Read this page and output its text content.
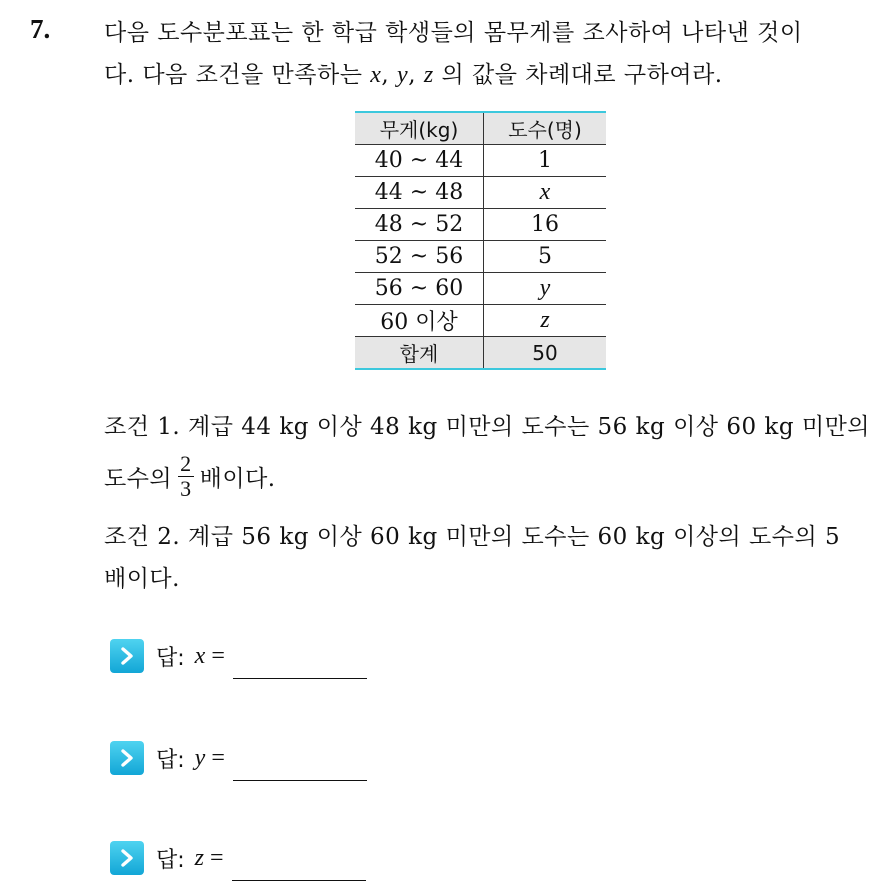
7. 다음 도수분포표는 한 학급 학생들의 몸무게를 조사하여 나타낸 것이
다. 다음 조건을 만족하는 x, y, z 의 값을 차례대로 구하여라.
무게(kg)	도수(명)
40 ~ 44	1
44 ~ 48	x
48 ~ 52	16
52 ~ 56	5
56 ~ 60	y
60 이상	z
합계	50
조건 1. 계급 44 kg 이상 48 kg 미만의 도수는 56 kg 이상 60 kg 미만의
도수의 $\frac{2}{3}$ 배이다.
조건 2. 계급 56 kg 이상 60 kg 미만의 도수는 60 kg 이상의 도수의 5
배이다.
답: x =
답: y =
답: z =
